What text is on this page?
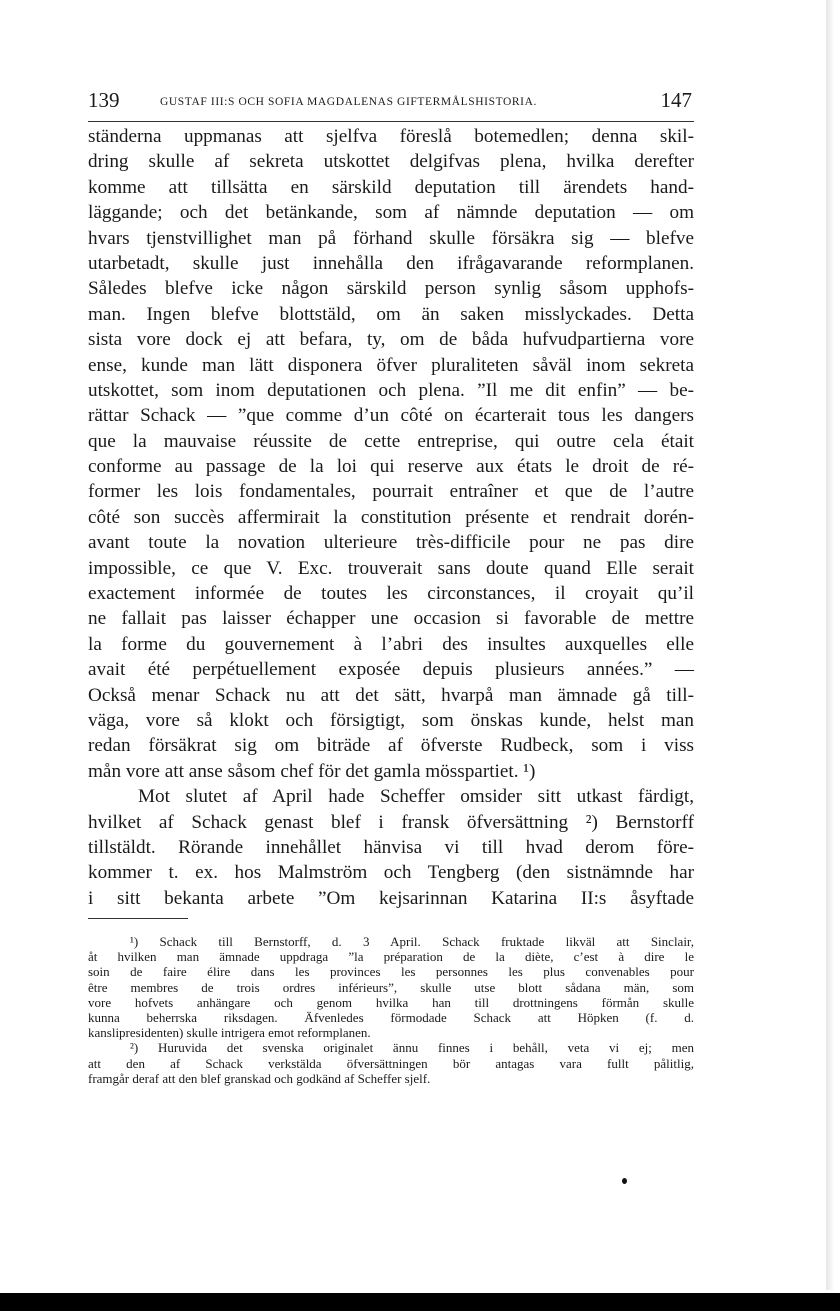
139	GUSTAF III:S OCH SOFIA MAGDALENAS GIFTERMÅLSHISTORIA.	147
ständerna uppmanas att sjelfva föreslå botemedlen; denna skil-
dring skulle af sekreta utskottet delgifvas plena, hvilka derefter
komme att tillsätta en särskild deputation till ärendets hand-
läggande; och det betänkande, som af nämnde deputation — om
hvars tjenstvillighet man på förhand skulle försäkra sig — blefve
utarbetadt, skulle just innehålla den ifrågavarande reformplanen.
Således blefve icke någon särskild person synlig såsom upphofs-
man. Ingen blefve blottstäld, om än saken misslyckades. Detta
sista vore dock ej att befara, ty, om de båda hufvudpartierna vore
ense, kunde man lätt disponera öfver pluraliteten såväl inom sekreta
utskottet, som inom deputationen och plena. ”Il me dit enfin” — be-
rättar Schack — ”que comme d’un côté on écarterait tous les dangers
que la mauvaise réussite de cette entreprise, qui outre cela était
conforme au passage de la loi qui reserve aux états le droit de ré-
former les lois fondamentales, pourrait entraîner et que de l’autre
côté son succès affermirait la constitution présente et rendrait dorén-
avant toute la novation ulterieure très-difficile pour ne pas dire
impossible, ce que V. Exc. trouverait sans doute quand Elle serait
exactement informée de toutes les circonstances, il croyait qu’il
ne fallait pas laisser échapper une occasion si favorable de mettre
la forme du gouvernement à l’abri des insultes auxquelles elle
avait été perpétuellement exposée depuis plusieurs années.” —
Också menar Schack nu att det sätt, hvarpå man ämnade gå till-
väga, vore så klokt och försigtigt, som önskas kunde, helst man
redan försäkrat sig om biträde af öfverste Rudbeck, som i viss
mån vore att anse såsom chef för det gamla mösspartiet. ¹)
Mot slutet af April hade Scheffer omsider sitt utkast färdigt,
hvilket af Schack genast blef i fransk öfversättning ²) Bernstorff
tillstäldt. Rörande innehållet hänvisa vi till hvad derom före-
kommer t. ex. hos Malmström och Tengberg (den sistnämnde har
i sitt bekanta arbete ”Om kejsarinnan Katarina II:s åsyftade
¹) Schack till Bernstorff, d. 3 April. Schack fruktade likväl att Sinclair,
åt hvilken man ämnade uppdraga ”la préparation de la diète, c’est à dire le
soin de faire élire dans les provinces les personnes les plus convenables pour
être membres de trois ordres inférieurs”, skulle utse blott sådana män, som
vore hofvets anhängare och genom hvilka han till drottningens förmån skulle
kunna beherrska riksdagen. Äfvenledes förmodade Schack att Höpken (f. d.
kanslipresidenten) skulle intrigera emot reformplanen.
²) Huruvida det svenska originalet ännu finnes i behåll, veta vi ej; men
att den af Schack verkstälda öfversättningen bör antagas vara fullt pålitlig,
framgår deraf att den blef granskad och godkänd af Scheffer sjelf.
